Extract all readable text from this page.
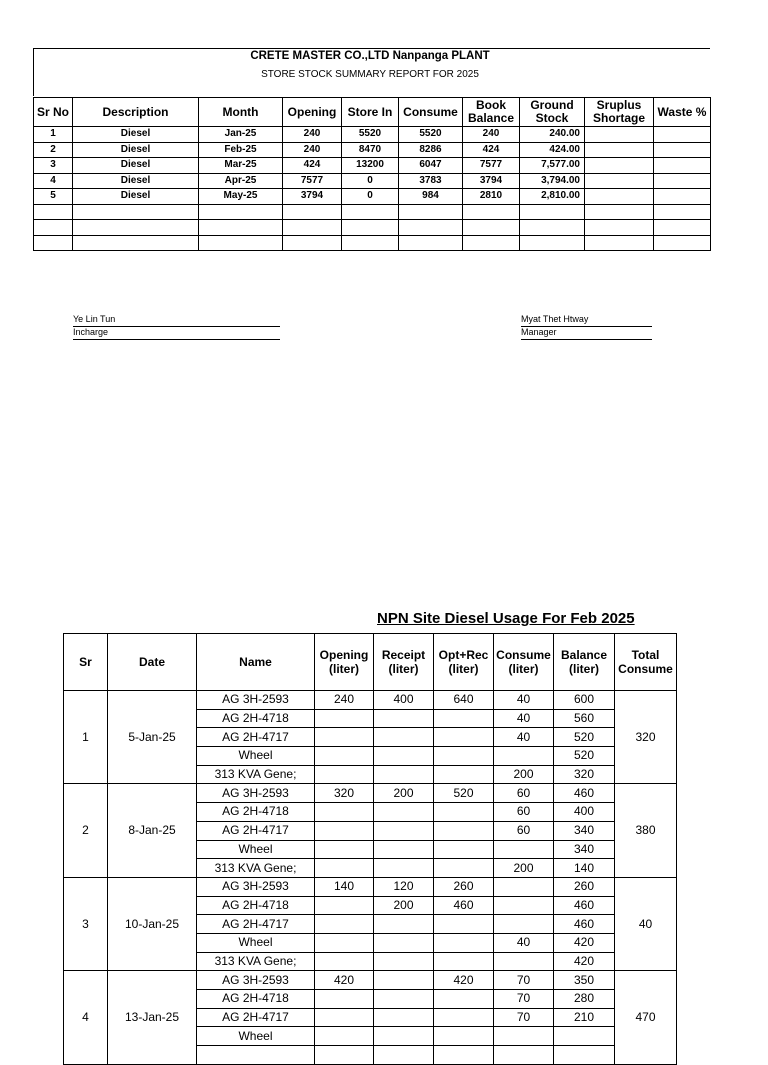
CRETE MASTER CO.,LTD Nanpanga PLANT
STORE STOCK SUMMARY REPORT FOR 2025
Sr No	Description	Month	Opening	Store In	Consume	Book Balance	Ground Stock	Sruplus Shortage	Waste %
1	Diesel	Jan-25	240	5520	5520	240	240.00		
2	Diesel	Feb-25	240	8470	8286	424	424.00		
3	Diesel	Mar-25	424	13200	6047	7577	7,577.00		
4	Diesel	Apr-25	7577	0	3783	3794	3,794.00		
5	Diesel	May-25	3794	0	984	2810	2,810.00		

Ye Lin Tun
Incharge
Myat Thet Htway
Manager
NPN Site Diesel Usage For Feb 2025
Sr	Date	Name	Opening (liter)	Receipt (liter)	Opt+Rec (liter)	Consume (liter)	Balance (liter)	Total Consume
1	5-Jan-25	AG 3H-2593	240	400	640	40	600	320
		AG 2H-4718				40	560	
		AG 2H-4717				40	520	
		Wheel					520	
		313 KVA Gene;				200	320	
2	8-Jan-25	AG 3H-2593	320	200	520	60	460	380
		AG 2H-4718				60	400	
		AG 2H-4717				60	340	
		Wheel					340	
		313 KVA Gene;				200	140	
3	10-Jan-25	AG 3H-2593	140	120	260		260	40
		AG 2H-4718		200	460		460	
		AG 2H-4717					460	
		Wheel				40	420	
		313 KVA Gene;					420	
4	13-Jan-25	AG 3H-2593	420		420	70	350	470
		AG 2H-4718				70	280	
		AG 2H-4717				70	210	
		Wheel						
